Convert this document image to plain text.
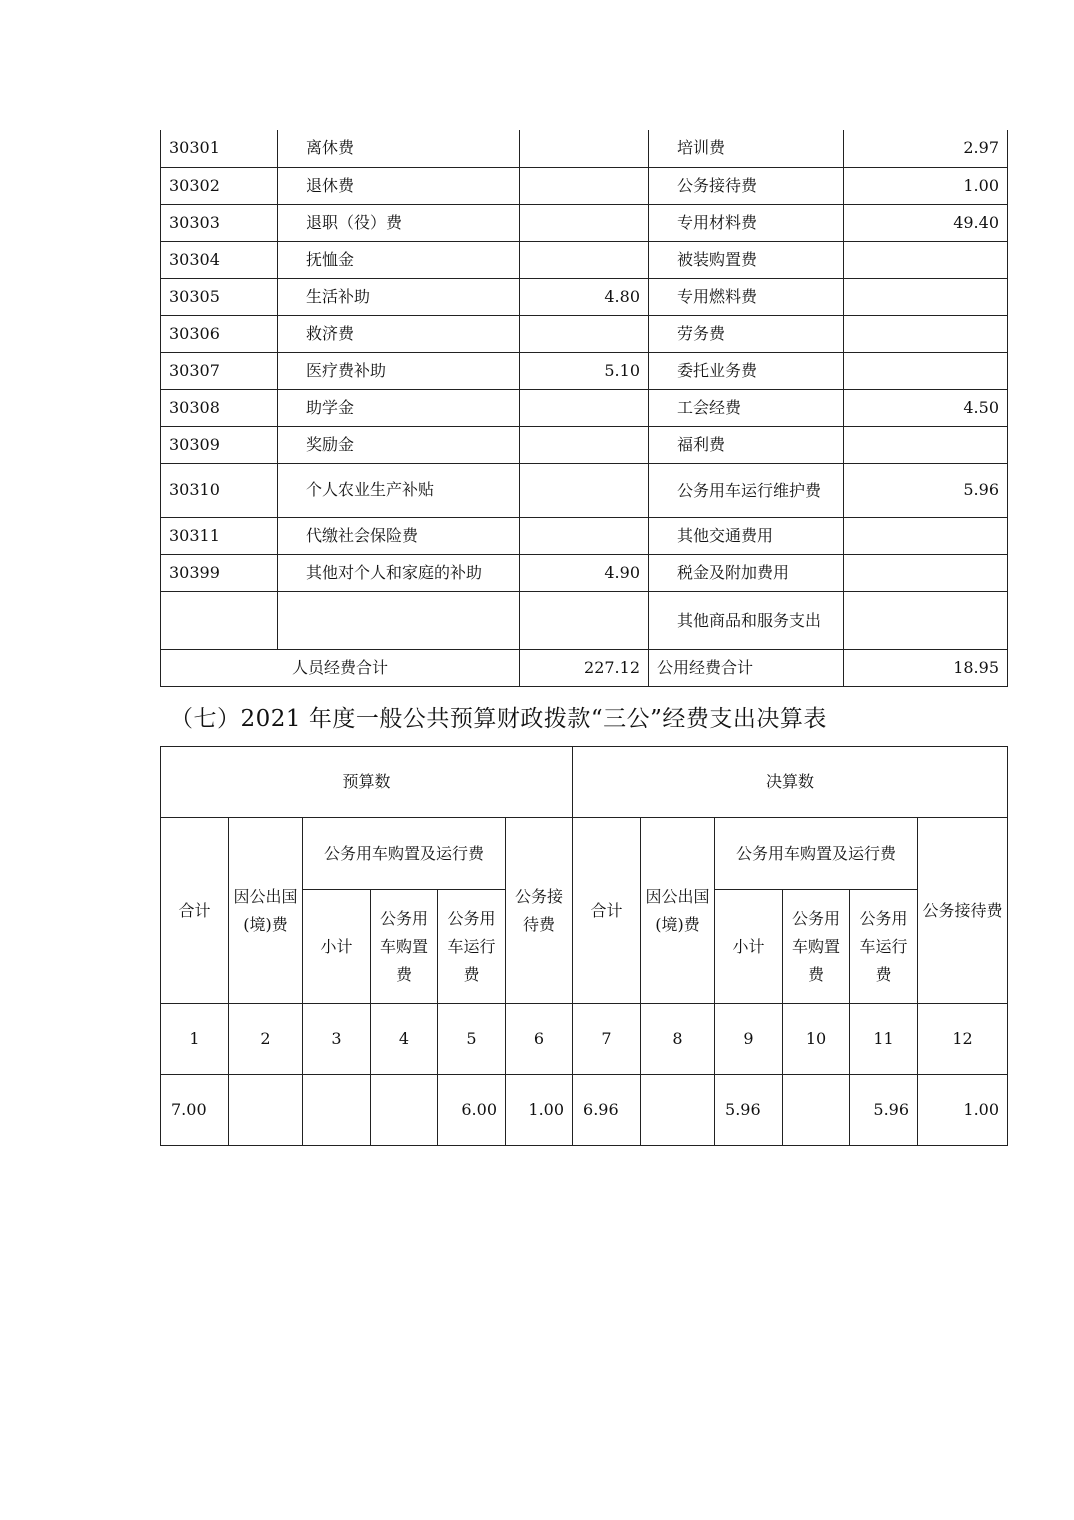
30301	离休费		培训费	2.97
30302	退休费		公务接待费	1.00
30303	退职（役）费		专用材料费	49.40
30304	抚恤金		被装购置费	
30305	生活补助	4.80	专用燃料费	
30306	救济费		劳务费	
30307	医疗费补助	5.10	委托业务费	
30308	助学金		工会经费	4.50
30309	奖励金		福利费	
30310	个人农业生产补贴		公务用车运行维护费	5.96
30311	代缴社会保险费		其他交通费用	
30399	其他对个人和家庭的补助	4.90	税金及附加费用	
			其他商品和服务支出	
人员经费合计		227.12	公用经费合计	18.95
（七）2021 年度一般公共预算财政拨款“三公”经费支出决算表
预算数						决算数					
合计	因公出国(境)费	公务用车购置及运行费			公务接待费	合计	因公出国(境)费	公务用车购置及运行费			公务接待费
		小计	公务用车购置费	公务用车运行费				小计	公务用车购置费	公务用车运行费	
1	2	3	4	5	6	7	8	9	10	11	12
7.00				6.00	1.00	6.96		5.96		5.96	1.00
